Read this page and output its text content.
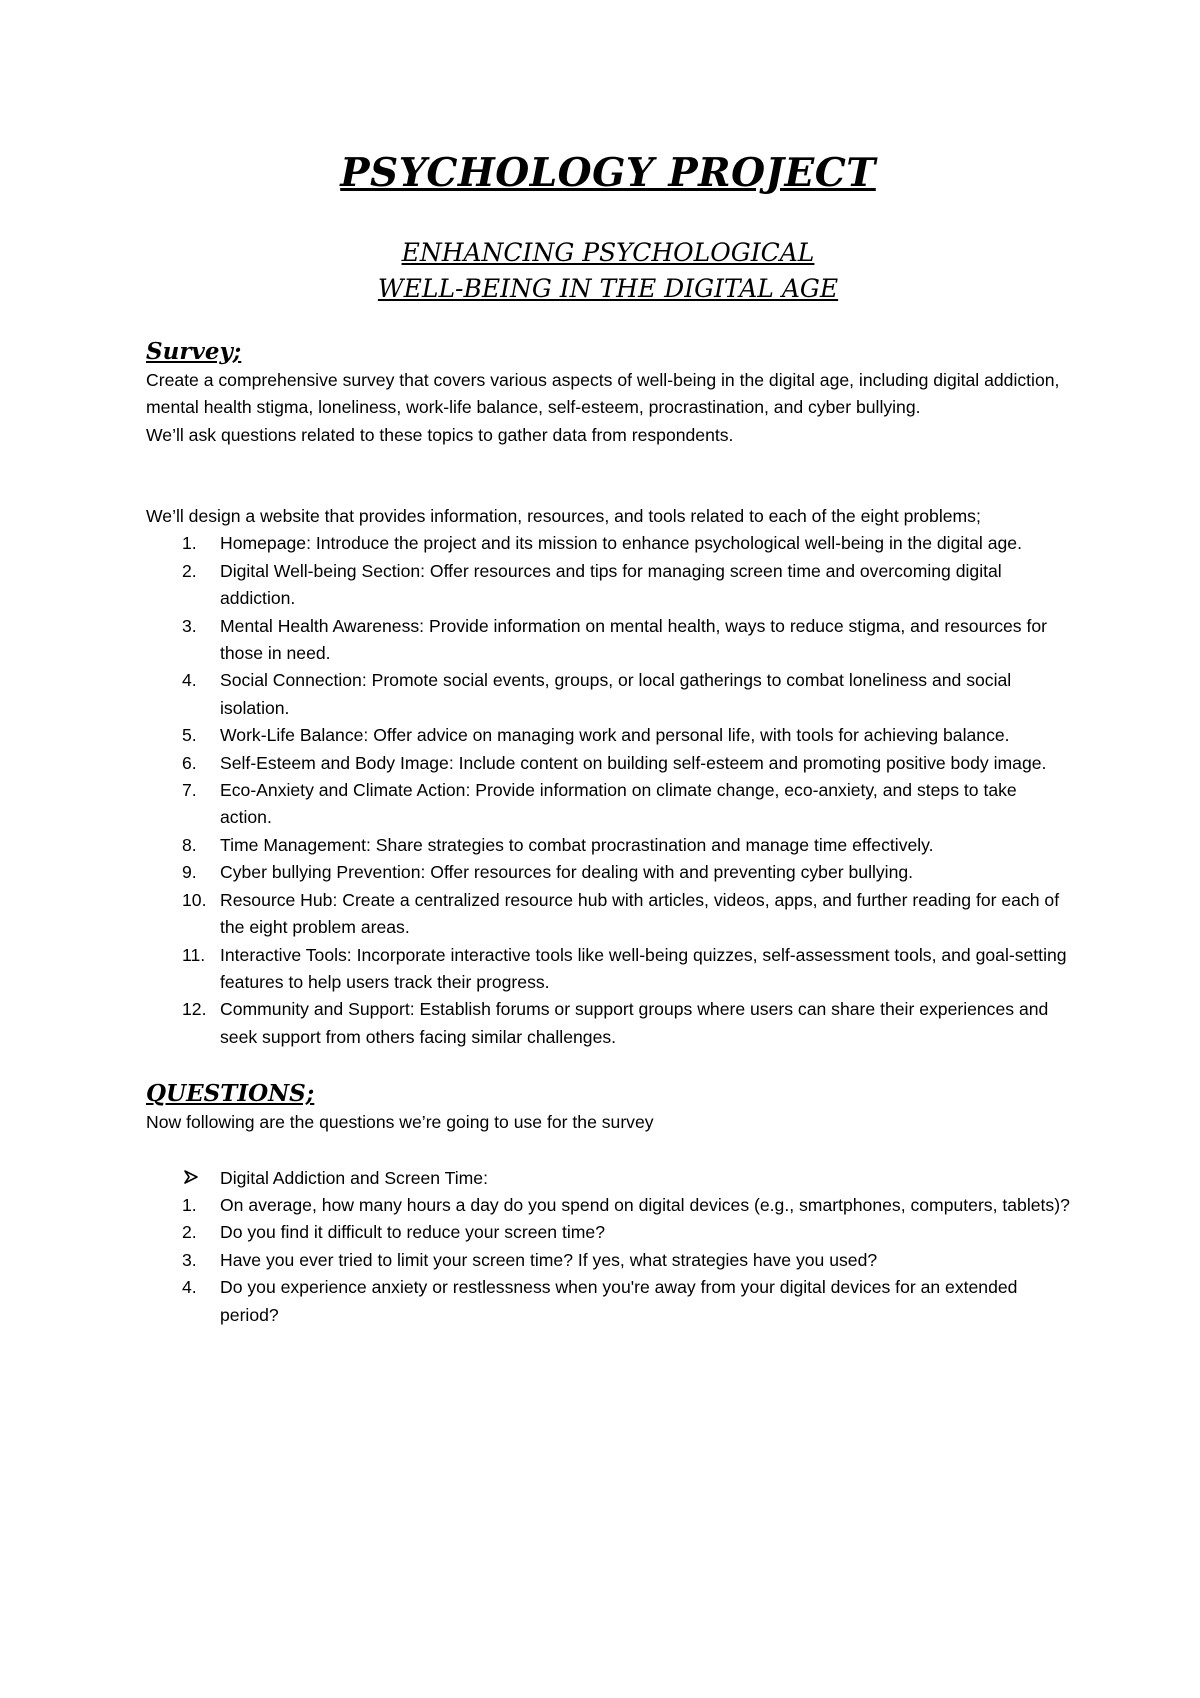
PSYCHOLOGY PROJECT
ENHANCING PSYCHOLOGICAL
WELL-BEING IN THE DIGITAL AGE
Survey;

Create a comprehensive survey that covers various aspects of well-being in the digital age, including digital addiction, mental health stigma, loneliness, work-life balance, self-esteem, procrastination, and cyber bullying.

We’ll ask questions related to these topics to gather data from respondents.

We’ll design a website that provides information, resources, and tools related to each of the eight problems;

1.	Homepage: Introduce the project and its mission to enhance psychological well-being in the digital age.
2.	Digital Well-being Section: Offer resources and tips for managing screen time and overcoming digital addiction.
3.	Mental Health Awareness: Provide information on mental health, ways to reduce stigma, and resources for those in need.
4.	Social Connection: Promote social events, groups, or local gatherings to combat loneliness and social isolation.
5.	Work-Life Balance: Offer advice on managing work and personal life, with tools for achieving balance.
6.	Self-Esteem and Body Image: Include content on building self-esteem and promoting positive body image.
7.	Eco-Anxiety and Climate Action: Provide information on climate change, eco-anxiety, and steps to take action.
8.	Time Management: Share strategies to combat procrastination and manage time effectively.
9.	Cyber bullying Prevention: Offer resources for dealing with and preventing cyber bullying.
10. Resource Hub: Create a centralized resource hub with articles, videos, apps, and further reading for each of the eight problem areas.
11. Interactive Tools: Incorporate interactive tools like well-being quizzes, self-assessment tools, and goal-setting features to help users track their progress.
12. Community and Support: Establish forums or support groups where users can share their experiences and seek support from others facing similar challenges.
QUESTIONS;

Now following are the questions we’re going to use for the survey

Digital Addiction and Screen Time:
1.	On average, how many hours a day do you spend on digital devices (e.g., smartphones, computers, tablets)?
2.	Do you find it difficult to reduce your screen time?
3.	Have you ever tried to limit your screen time? If yes, what strategies have you used?
4.	Do you experience anxiety or restlessness when you're away from your digital devices for an extended period?
